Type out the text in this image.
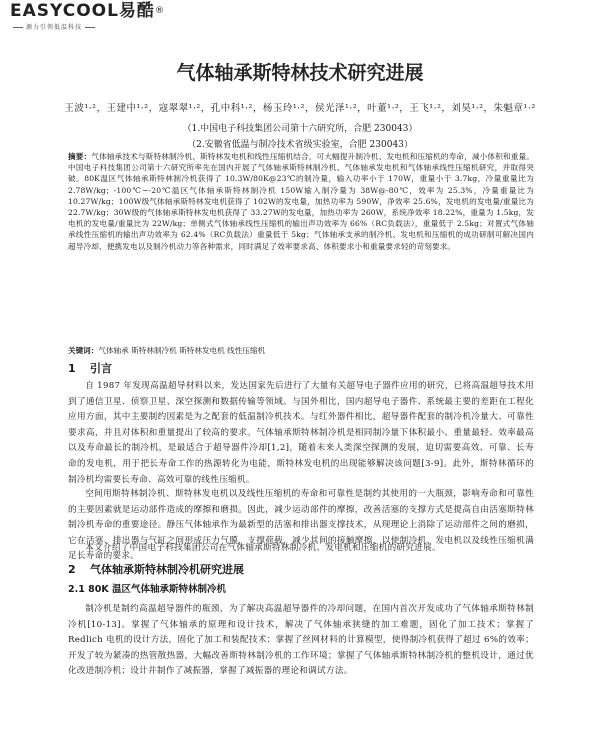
EASYCOOL易酷®
源力引领低温科技
气体轴承斯特林技术研究进展
王波¹·²，王建中¹·²，寇翠翠¹·²，孔中科¹·²，杨玉玲¹·²，侯光泽¹·²，叶董¹·²，王飞¹·²，刘昊¹·²，朱魁章¹·²
（1.中国电子科技集团公司第十六研究所，合肥 230043）
（2.安徽省低温与制冷技术省级实验室，合肥 230043）
摘要：气体轴承技术与斯特林制冷机、斯特林发电机和线性压缩机结合，可大幅提升制冷机、发电机和压缩机的寿命，减小体积和重量。中国电子科技集团公司第十六研究所率先在国内开展了气体轴承斯特林制冷机、气体轴承发电机和气体轴承线性压缩机研究，并取得突破。80K温区气体轴承斯特林制冷机获得了 10.3W/80K@23℃的制冷量，输入功率小于 170W，重量小于 3.7kg，冷量重量比为 2.78W/kg；-100℃~-20℃温区气体轴承斯特林制冷机 150W输入制冷量为 38W@-80℃，效率为 25.3%，冷量重量比为 10.27W/kg；100W级气体轴承斯特林发电机获得了 102W的发电量，加热功率为 590W，净效率 25.6%，发电机的发电量/重量比为 22.7W/kg；30W级的气体轴承斯特林发电机获得了 33.27W的发电量，加热功率为 260W，系统净效率 18.22%，重量为 1.5kg，发电机的发电量/重量比为 22W/kg；单侧式气体轴承线性压缩机的输出声功效率为 66%（RC负载法），重量低于 2.5kg；对置式气体轴承线性压缩机的输出声功效率为 62.4%（RC负载法）重量低于 5kg；气体轴承支承的制冷机、发电机和压缩机的成功研制可解决国内超导冷却、便携发电以及制冷机动力等各种需求，同时满足了效率要求高、体积要求小和重量要求轻的苛刻要求。
关键词：气体轴承 斯特林制冷机 斯特林发电机 线性压缩机
1 引言
自 1987 年发现高温超导材料以来，发达国家先后进行了大量有关超导电子器件应用的研究，已将高温超导技术用到了通信卫星、侦察卫星、深空探测和数据传输等领域。与国外相比，国内超导电子器件、系统最主要的差距在工程化应用方面，其中主要制约因素是为之配套的低温制冷机技术。与红外器件相比，超导器件配套的制冷机冷量大、可靠性要求高，并且对体积和重量提出了较高的要求。气体轴承斯特林制冷机是相同制冷量下体积最小、重量最轻、效率最高以及寿命最长的制冷机，是最适合于超导器件冷却[1,2]，随着未来人类深空探测的发展，迫切需要高效、可靠、长寿命的发电机，用于把长寿命工作的热源转化为电能，斯特林发电机的出现能够解决该问题[3-9]。此外，斯特林循环的制冷机均需要长寿命、高效可靠的线性压缩机。
空间用斯特林制冷机、斯特林发电机以及线性压缩机的寿命和可靠性是制约其使用的一大瓶颈，影响寿命和可靠性的主要因素就是运动部件造成的摩擦和磨损。因此，减少运动部件的摩擦，改善活塞的支撑方式是提高自由活塞斯特林制冷机寿命的重要途径。静压气体轴承作为最新型的活塞和排出器支撑技术，从现理论上消除了运动部件之间的磨损，它在活塞、排出器与气缸之间形成压力气膜，支撑荷载，减少其间的接触摩擦，以使制冷机、发电机以及线性压缩机满足长寿命的要求。
本文介绍了中国电子科技集团公司在气体轴承斯特林制冷机、发电机和压缩机的研究进展。
2 气体轴承斯特林制冷机研究进展
2.1 80K 温区气体轴承斯特林制冷机
制冷机是制约高温超导器件的瓶颈，为了解决高温超导器件的冷却问题，在国内首次开发成功了气体轴承斯特林制冷机[10-13]。掌握了气体轴承的原理和设计技术，解决了气体轴承狭缝的加工难题，固化了加工技术；掌握了 Redlich 电机的设计方法，固化了加工和装配技术；掌握了丝网材料的计算模型，使得制冷机获得了超过 6%的效率；开发了较为紧凑的热管散热器，大幅改善斯特林制冷机的工作环境；掌握了气体轴承斯特林制冷机的整机设计，通过优化改进制冷机；设计并制作了减振器，掌握了减振器的理论和调试方法。
